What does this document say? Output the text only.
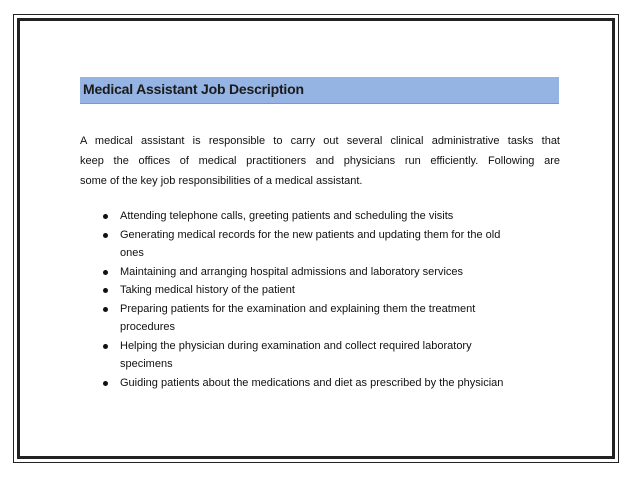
Medical Assistant Job Description

A medical assistant is responsible to carry out several clinical administrative tasks that
keep the offices of medical practitioners and physicians run efficiently. Following are
some of the key job responsibilities of a medical assistant.

Attending telephone calls, greeting patients and scheduling the visits
Generating medical records for the new patients and updating them for the old
ones
Maintaining and arranging hospital admissions and laboratory services
Taking medical history of the patient
Preparing patients for the examination and explaining them the treatment
procedures
Helping the physician during examination and collect required laboratory
specimens
Guiding patients about the medications and diet as prescribed by the physician
